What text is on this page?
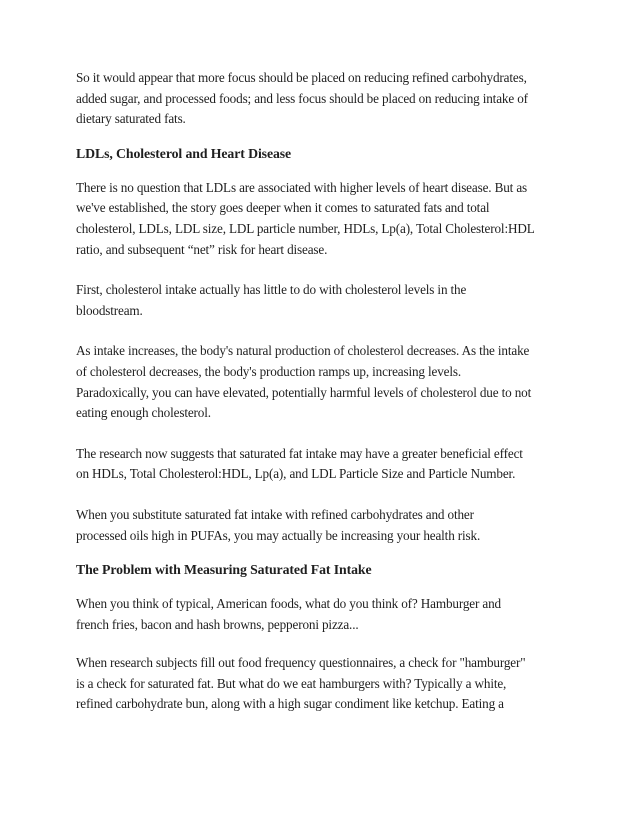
So it would appear that more focus should be placed on reducing refined carbohydrates,
added sugar, and processed foods; and less focus should be placed on reducing intake of
dietary saturated fats.

LDLs, Cholesterol and Heart Disease

There is no question that LDLs are associated with higher levels of heart disease. But as
we've established, the story goes deeper when it comes to saturated fats and total
cholesterol, LDLs, LDL size, LDL particle number, HDLs, Lp(a), Total Cholesterol:HDL
ratio, and subsequent “net” risk for heart disease.

First, cholesterol intake actually has little to do with cholesterol levels in the
bloodstream.

As intake increases, the body's natural production of cholesterol decreases. As the intake
of cholesterol decreases, the body's production ramps up, increasing levels.
Paradoxically, you can have elevated, potentially harmful levels of cholesterol due to not
eating enough cholesterol.

The research now suggests that saturated fat intake may have a greater beneficial effect
on HDLs, Total Cholesterol:HDL, Lp(a), and LDL Particle Size and Particle Number.

When you substitute saturated fat intake with refined carbohydrates and other
processed oils high in PUFAs, you may actually be increasing your health risk.

The Problem with Measuring Saturated Fat Intake

When you think of typical, American foods, what do you think of? Hamburger and
french fries, bacon and hash browns, pepperoni pizza...

When research subjects fill out food frequency questionnaires, a check for "hamburger"
is a check for saturated fat. But what do we eat hamburgers with? Typically a white,
refined carbohydrate bun, along with a high sugar condiment like ketchup. Eating a
